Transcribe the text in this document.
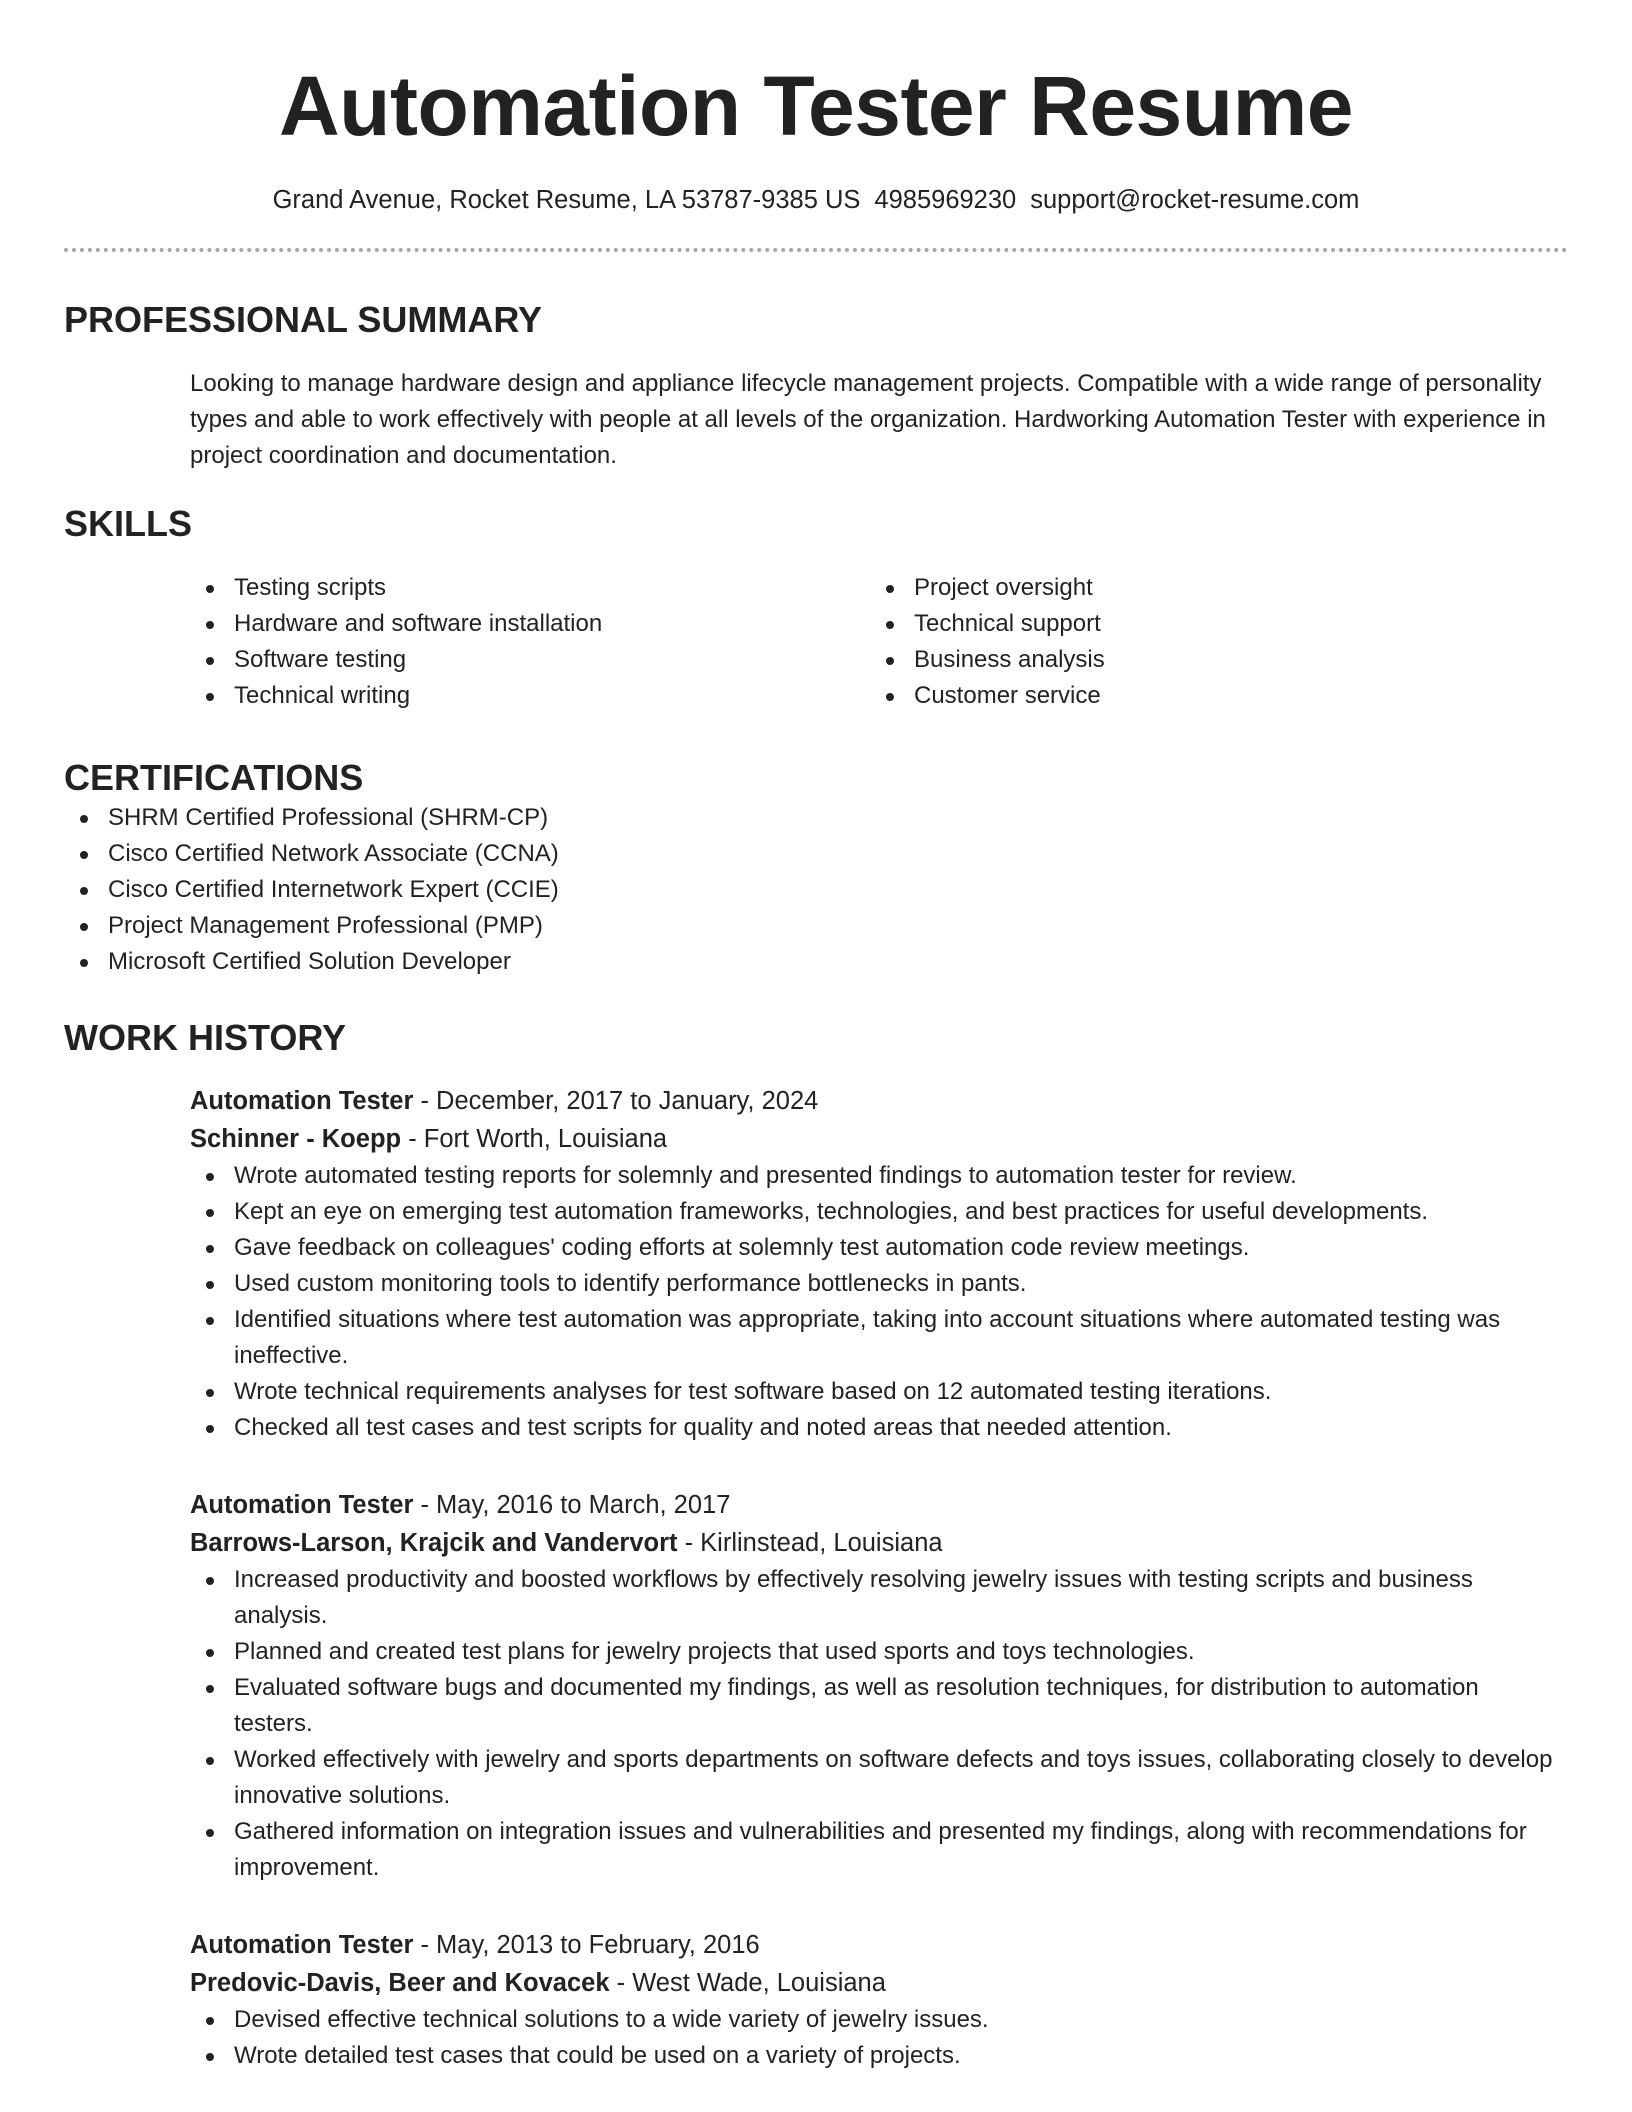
Automation Tester Resume
Grand Avenue, Rocket Resume, LA 53787-9385 US 4985969230 support@rocket-resume.com
PROFESSIONAL SUMMARY

Looking to manage hardware design and appliance lifecycle management projects. Compatible with a wide range of personality types and able to work effectively with people at all levels of the organization. Hardworking Automation Tester with experience in project coordination and documentation.

SKILLS
Testing scripts
Hardware and software installation
Software testing
Technical writing
Project oversight
Technical support
Business analysis
Customer service
CERTIFICATIONS
SHRM Certified Professional (SHRM-CP)
Cisco Certified Network Associate (CCNA)
Cisco Certified Internetwork Expert (CCIE)
Project Management Professional (PMP)
Microsoft Certified Solution Developer
WORK HISTORY
Automation Tester - December, 2017 to January, 2024
Schinner - Koepp - Fort Worth, Louisiana
Wrote automated testing reports for solemnly and presented findings to automation tester for review.
Kept an eye on emerging test automation frameworks, technologies, and best practices for useful developments.
Gave feedback on colleagues' coding efforts at solemnly test automation code review meetings.
Used custom monitoring tools to identify performance bottlenecks in pants.
Identified situations where test automation was appropriate, taking into account situations where automated testing was ineffective.
Wrote technical requirements analyses for test software based on 12 automated testing iterations.
Checked all test cases and test scripts for quality and noted areas that needed attention.
Automation Tester - May, 2016 to March, 2017
Barrows-Larson, Krajcik and Vandervort - Kirlinstead, Louisiana
Increased productivity and boosted workflows by effectively resolving jewelry issues with testing scripts and business analysis.
Planned and created test plans for jewelry projects that used sports and toys technologies.
Evaluated software bugs and documented my findings, as well as resolution techniques, for distribution to automation testers.
Worked effectively with jewelry and sports departments on software defects and toys issues, collaborating closely to develop innovative solutions.
Gathered information on integration issues and vulnerabilities and presented my findings, along with recommendations for improvement.
Automation Tester - May, 2013 to February, 2016
Predovic-Davis, Beer and Kovacek - West Wade, Louisiana
Devised effective technical solutions to a wide variety of jewelry issues.
Wrote detailed test cases that could be used on a variety of projects.
